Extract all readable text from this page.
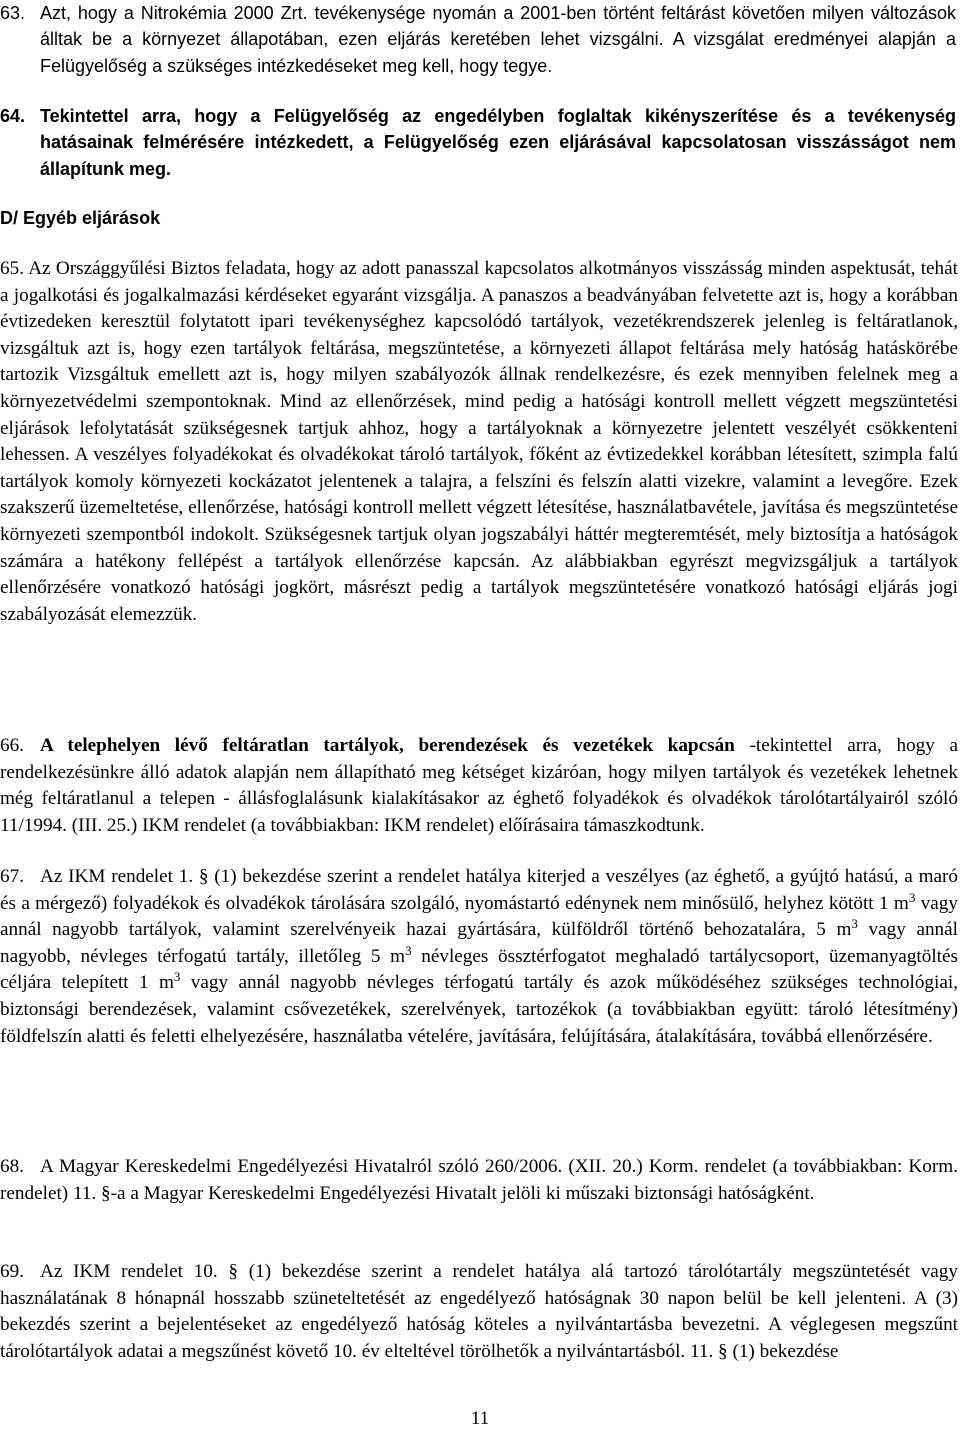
63. Azt, hogy a Nitrokémia 2000 Zrt. tevékenysége nyomán a 2001-ben történt feltárást követően milyen változások álltak be a környezet állapotában, ezen eljárás keretében lehet vizsgálni. A vizsgálat eredményei alapján a Felügyelőség a szükséges intézkedéseket meg kell, hogy tegye.
64. Tekintettel arra, hogy a Felügyelőség az engedélyben foglaltak kikényszerítése és a tevékenység hatásainak felmérésére intézkedett, a Felügyelőség ezen eljárásával kapcsolatosan visszásságot nem állapítunk meg.
D/ Egyéb eljárások
65. Az Országgyűlési Biztos feladata, hogy az adott panasszal kapcsolatos alkotmányos visszásság minden aspektusát, tehát a jogalkotási és jogalkalmazási kérdéseket egyaránt vizsgálja. A panaszos a beadványában felvetette azt is, hogy a korábban évtizedeken keresztül folytatott ipari tevékenységhez kapcsolódó tartályok, vezetékrendszerek jelenleg is feltáratlanok, vizsgáltuk azt is, hogy ezen tartályok feltárása, megszüntetése, a környezeti állapot feltárása mely hatóság hatáskörébe tartozik Vizsgáltuk emellett azt is, hogy milyen szabályozók állnak rendelkezésre, és ezek mennyiben felelnek meg a környezetvédelmi szempontoknak. Mind az ellenőrzések, mind pedig a hatósági kontroll mellett végzett megszüntetési eljárások lefolytatását szükségesnek tartjuk ahhoz, hogy a tartályoknak a környezetre jelentett veszélyét csökkenteni lehessen. A veszélyes folyadékokat és olvadékokat tároló tartályok, főként az évtizedekkel korábban létesített, szimpla falú tartályok komoly környezeti kockázatot jelentenek a talajra, a felszíni és felszín alatti vizekre, valamint a levegőre. Ezek szakszerű üzemeltetése, ellenőrzése, hatósági kontroll mellett végzett létesítése, használatbavétele, javítása és megszüntetése környezeti szempontból indokolt. Szükségesnek tartjuk olyan jogszabályi háttér megteremtését, mely biztosítja a hatóságok számára a hatékony fellépést a tartályok ellenőrzése kapcsán. Az alábbiakban egyrészt megvizsgáljuk a tartályok ellenőrzésére vonatkozó hatósági jogkört, másrészt pedig a tartályok megszüntetésére vonatkozó hatósági eljárás jogi szabályozását elemezzük.
66. A telephelyen lévő feltáratlan tartályok, berendezések és vezetékek kapcsán -tekintettel arra, hogy a rendelkezésünkre álló adatok alapján nem állapítható meg kétséget kizáróan, hogy milyen tartályok és vezetékek lehetnek még feltáratlanul a telepen - állásfoglalásunk kialakításakor az éghető folyadékok és olvadékok tárolótartályairól szóló 11/1994. (III. 25.) IKM rendelet (a továbbiakban: IKM rendelet) előírásaira támaszkodtunk.
67. Az IKM rendelet 1. § (1) bekezdése szerint a rendelet hatálya kiterjed a veszélyes (az éghető, a gyújtó hatású, a maró és a mérgező) folyadékok és olvadékok tárolására szolgáló, nyomástartó edénynek nem minősülő, helyhez kötött 1 $m^3$ vagy annál nagyobb tartályok, valamint szerelvényeik hazai gyártására, külföldről történő behozatalára, 5 $m^3$ vagy annál nagyobb, névleges térfogatú tartály, illetőleg 5 $m^3$ névleges össztérfogatot meghaladó tartálycsoport, üzemanyagtöltés céljára telepített 1 $m^3$ vagy annál nagyobb névleges térfogatú tartály és azok működéséhez szükséges technológiai, biztonsági berendezések, valamint csővezetékek, szerelvények, tartozékok (a továbbiakban együtt: tároló létesítmény) földfelszín alatti és feletti elhelyezésére, használatba vételére, javítására, felújítására, átalakítására, továbbá ellenőrzésére.
68. A Magyar Kereskedelmi Engedélyezési Hivatalról szóló 260/2006. (XII. 20.) Korm. rendelet (a továbbiakban: Korm. rendelet) 11. §-a a Magyar Kereskedelmi Engedélyezési Hivatalt jelöli ki műszaki biztonsági hatóságként.
69. Az IKM rendelet 10. § (1) bekezdése szerint a rendelet hatálya alá tartozó tárolótartály megszüntetését vagy használatának 8 hónapnál hosszabb szüneteltetését az engedélyező hatóságnak 30 napon belül be kell jelenteni. A (3) bekezdés szerint a bejelentéseket az engedélyező hatóság köteles a nyilvántartásba bevezetni. A véglegesen megszűnt tárolótartályok adatai a megszűnést követő 10. év elteltével törölhetők a nyilvántartásból. 11. § (1) bekezdése
11
